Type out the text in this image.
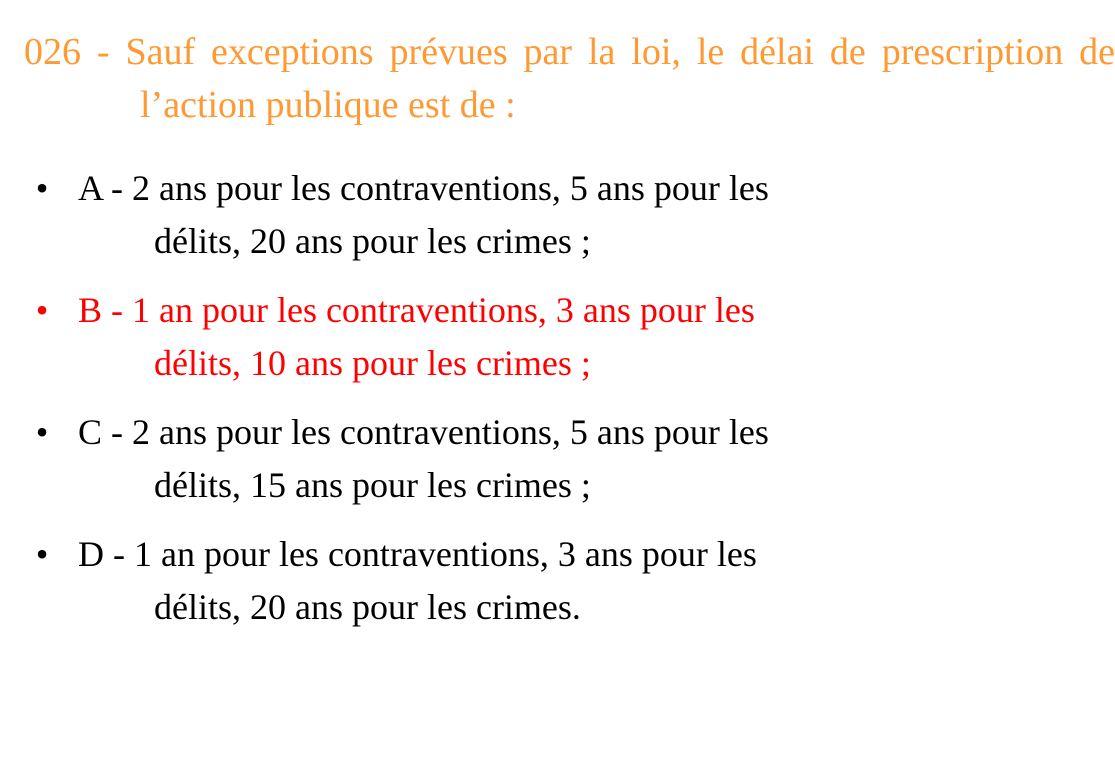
026 - Sauf exceptions prévues par la loi, le délai de prescription de l’action publique est de :
• A - 2 ans pour les contraventions, 5 ans pour les
délits, 20 ans pour les crimes ;
• B - 1 an pour les contraventions, 3 ans pour les
délits, 10 ans pour les crimes ;
• C - 2 ans pour les contraventions, 5 ans pour les
délits, 15 ans pour les crimes ;
• D - 1 an pour les contraventions, 3 ans pour les
délits, 20 ans pour les crimes.
